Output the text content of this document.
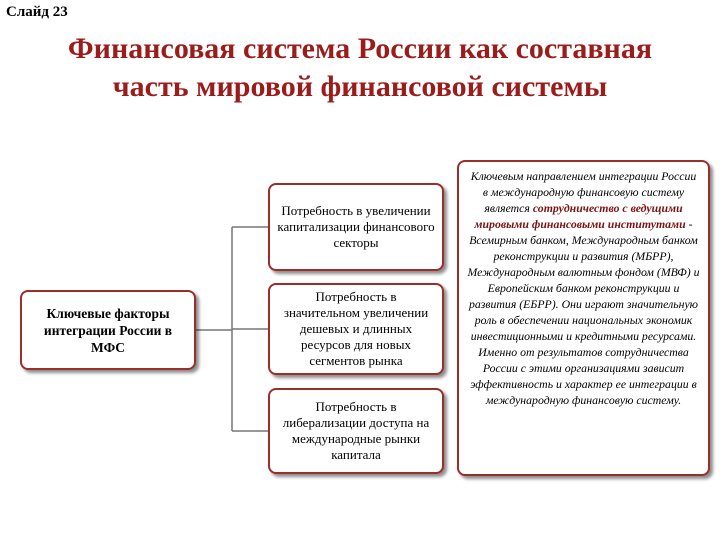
Слайд 23
Финансовая система России как составная
часть мировой финансовой системы
Ключевые факторы интеграции России в МФС
Потребность в увеличении капитализации финансового секторы
Потребность в значительном увеличении дешевых и длинных ресурсов для новых сегментов рынка
Потребность в либерализации доступа на международные рынки капитала
Ключевым направлением интеграции России в международную финансовую систему является сотрудничество с ведущими мировыми финансовыми институтами - Всемирным банком, Международным банком реконструкции и развития (МБРР), Международным валютным фондом (МВФ) и Европейским банком реконструкции и развития (ЕБРР). Они играют значительную роль в обеспечении национальных экономик инвестиционными и кредитными ресурсами. Именно от результатов сотрудничества России с этими организациями зависит эффективность и характер ее интеграции в международную финансовую систему.
